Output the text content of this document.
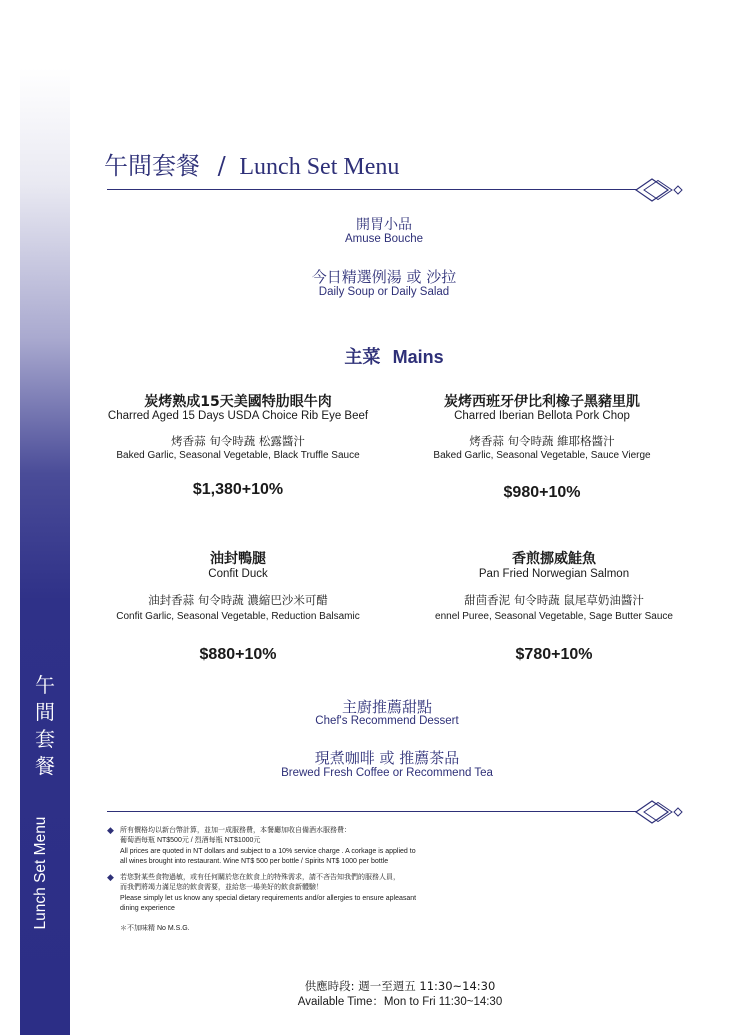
午
間
套
餐
Lunch Set Menu
午間套餐 / Lunch Set Menu
開胃小品
Amuse Bouche
今日精選例湯 或 沙拉
Daily Soup or Daily Salad
主菜 Mains
炭烤熟成15天美國特肋眼牛肉
Charred Aged 15 Days USDA Choice Rib Eye Beef
烤香蒜 旬令時蔬 松露醬汁
Baked Garlic, Seasonal Vegetable, Black Truffle Sauce
$1,380+10%
炭烤西班牙伊比利橡子黑豬里肌
Charred Iberian Bellota Pork Chop
烤香蒜 旬令時蔬 維耶格醬汁
Baked Garlic, Seasonal Vegetable, Sauce Vierge
$980+10%
油封鴨腿
Confit Duck
油封香蒜 旬令時蔬 濃縮巴沙米可醋
Confit Garlic, Seasonal Vegetable, Reduction Balsamic
$880+10%
香煎挪威鮭魚
Pan Fried Norwegian Salmon
甜茴香泥 旬令時蔬 鼠尾草奶油醬汁
ennel Puree, Seasonal Vegetable, Sage Butter Sauce
$780+10%
主廚推薦甜點
Chef's Recommend Dessert
現煮咖啡 或 推薦茶品
Brewed Fresh Coffee or Recommend Tea
◆ 所有價格均以新台幣計算，並加一成服務費，本餐廳加收自備酒水服務費：
葡萄酒每瓶 NT$500元 / 烈酒每瓶 NT$1000元
All prices are quoted in NT dollars and subject to a 10% service charge . A corkage is applied to
all wines brought into restaurant. Wine NT$ 500 per bottle / Spirits NT$ 1000 per bottle
◆ 若您對某些食物過敏，或有任何關於您在飲食上的特殊需求，請不吝告知我們的服務人員，
而我們將竭力滿足您的飲食需要，並給您一場美好的飲食新體驗！
Please simply let us know any special dietary requirements and/or allergies to ensure apleasant
dining experience
＊不加味精 No M.S.G.
供應時段: 週一至週五 11:30~14:30
Available Time：Mon to Fri 11:30~14:30
